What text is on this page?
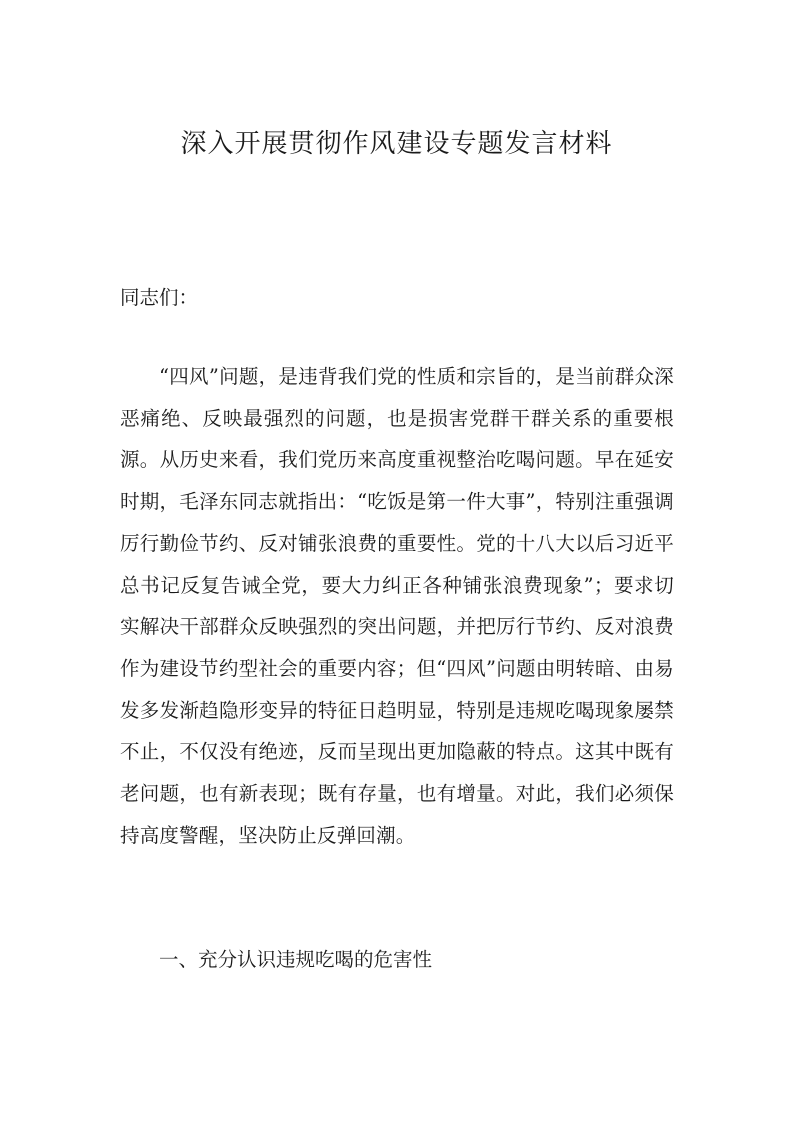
深入开展贯彻作风建设专题发言材料

同志们：

“四风”问题，是违背我们党的性质和宗旨的，是当前群众深恶痛绝、反映最强烈的问题，也是损害党群干群关系的重要根源。从历史来看，我们党历来高度重视整治吃喝问题。早在延安时期，毛泽东同志就指出：“吃饭是第一件大事”，特别注重强调厉行勤俭节约、反对铺张浪费的重要性。党的十八大以后习近平总书记反复告诫全党，要大力纠正各种铺张浪费现象”；要求切实解决干部群众反映强烈的突出问题，并把厉行节约、反对浪费作为建设节约型社会的重要内容；但“四风”问题由明转暗、由易发多发渐趋隐形变异的特征日趋明显，特别是违规吃喝现象屡禁不止，不仅没有绝迹，反而呈现出更加隐蔽的特点。这其中既有老问题，也有新表现；既有存量，也有增量。对此，我们必须保持高度警醒，坚决防止反弹回潮。

一、充分认识违规吃喝的危害性
